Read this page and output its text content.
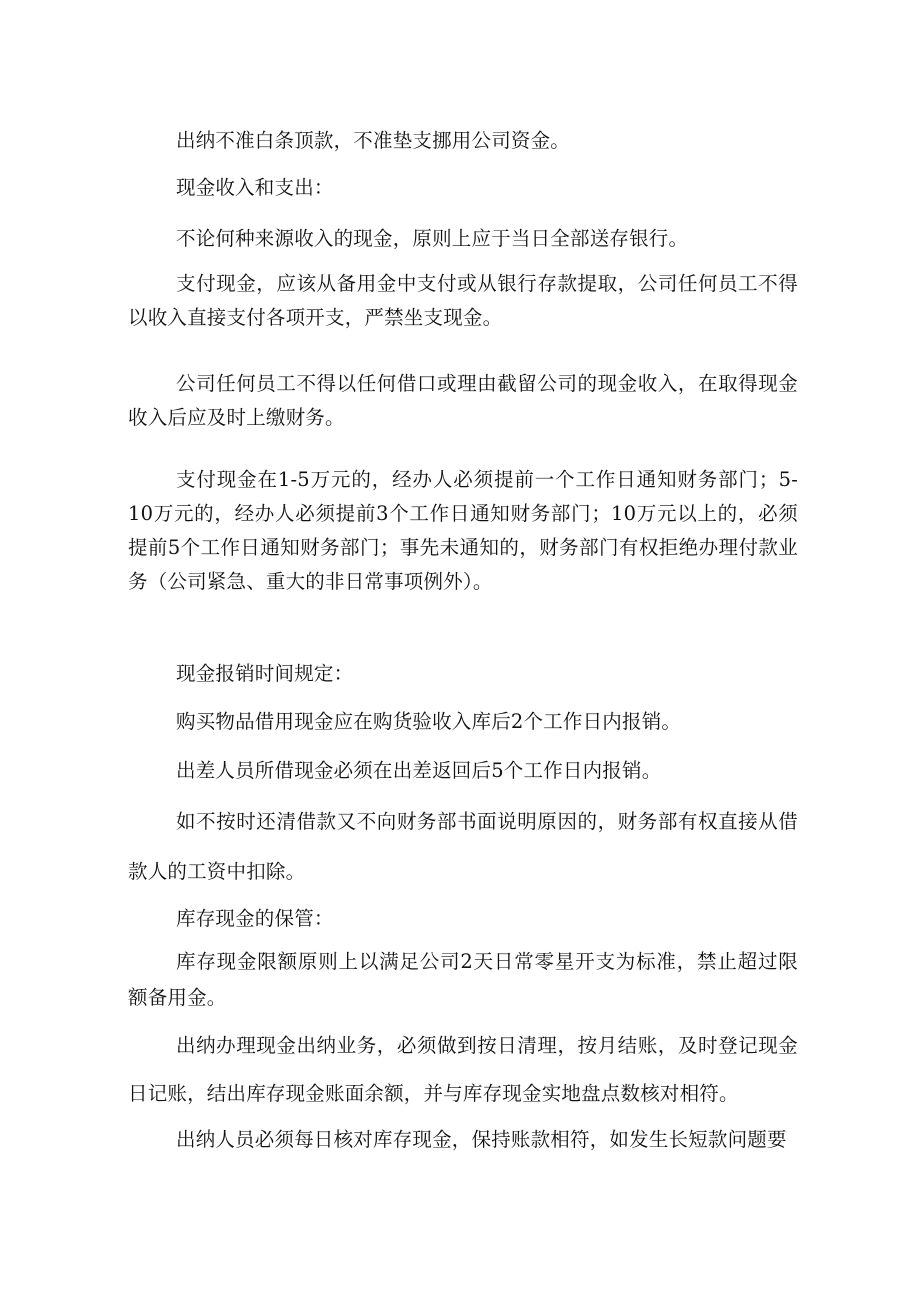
出纳不准白条顶款，不准垫支挪用公司资金。

现金收入和支出：

不论何种来源收入的现金，原则上应于当日全部送存银行。

支付现金，应该从备用金中支付或从银行存款提取，公司任何员工不得以收入直接支付各项开支，严禁坐支现金。

公司任何员工不得以任何借口或理由截留公司的现金收入，在取得现金收入后应及时上缴财务。

支付现金在1-5万元的，经办人必须提前一个工作日通知财务部门；5-10万元的，经办人必须提前3个工作日通知财务部门；10万元以上的，必须提前5个工作日通知财务部门；事先未通知的，财务部门有权拒绝办理付款业务（公司紧急、重大的非日常事项例外）。

现金报销时间规定：

购买物品借用现金应在购货验收入库后2个工作日内报销。

出差人员所借现金必须在出差返回后5个工作日内报销。

如不按时还清借款又不向财务部书面说明原因的，财务部有权直接从借款人的工资中扣除。

库存现金的保管：

库存现金限额原则上以满足公司2天日常零星开支为标准，禁止超过限额备用金。

出纳办理现金出纳业务，必须做到按日清理，按月结账，及时登记现金日记账，结出库存现金账面余额，并与库存现金实地盘点数核对相符。

出纳人员必须每日核对库存现金，保持账款相符，如发生长短款问题要
